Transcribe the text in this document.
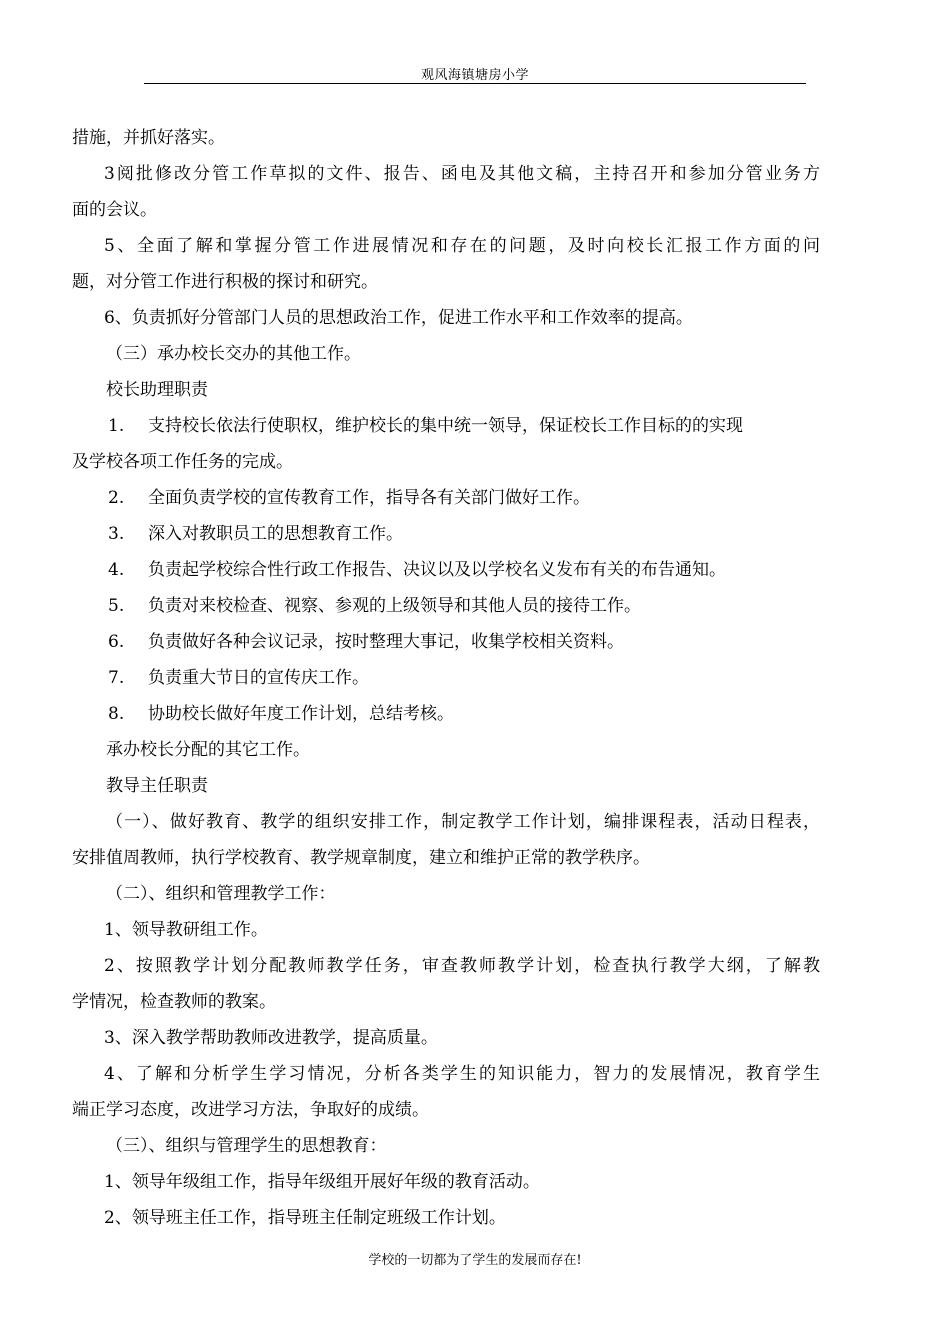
观风海镇塘房小学
措施，并抓好落实。
3阅批修改分管工作草拟的文件、报告、函电及其他文稿，主持召开和参加分管业务方
面的会议。
5、全面了解和掌握分管工作进展情况和存在的问题，及时向校长汇报工作方面的问
题，对分管工作进行积极的探讨和研究。
6、负责抓好分管部门人员的思想政治工作，促进工作水平和工作效率的提高。
（三）承办校长交办的其他工作。
校长助理职责
1. 支持校长依法行使职权，维护校长的集中统一领导，保证校长工作目标的的实现
及学校各项工作任务的完成。
2. 全面负责学校的宣传教育工作，指导各有关部门做好工作。
3. 深入对教职员工的思想教育工作。
4. 负责起学校综合性行政工作报告、决议以及以学校名义发布有关的布告通知。
5. 负责对来校检查、视察、参观的上级领导和其他人员的接待工作。
6. 负责做好各种会议记录，按时整理大事记，收集学校相关资料。
7. 负责重大节日的宣传庆工作。
8. 协助校长做好年度工作计划，总结考核。
承办校长分配的其它工作。
教导主任职责
（一）、做好教育、教学的组织安排工作，制定教学工作计划，编排课程表，活动日程表，
安排值周教师，执行学校教育、教学规章制度，建立和维护正常的教学秩序。
（二）、组织和管理教学工作：
1、领导教研组工作。
2、按照教学计划分配教师教学任务，审查教师教学计划，检查执行教学大纲，了解教
学情况，检查教师的教案。
3、深入教学帮助教师改进教学，提高质量。
4、了解和分析学生学习情况，分析各类学生的知识能力，智力的发展情况，教育学生
端正学习态度，改进学习方法，争取好的成绩。
（三）、组织与管理学生的思想教育：
1、领导年级组工作，指导年级组开展好年级的教育活动。
2、领导班主任工作，指导班主任制定班级工作计划。
学校的一切都为了学生的发展而存在!
